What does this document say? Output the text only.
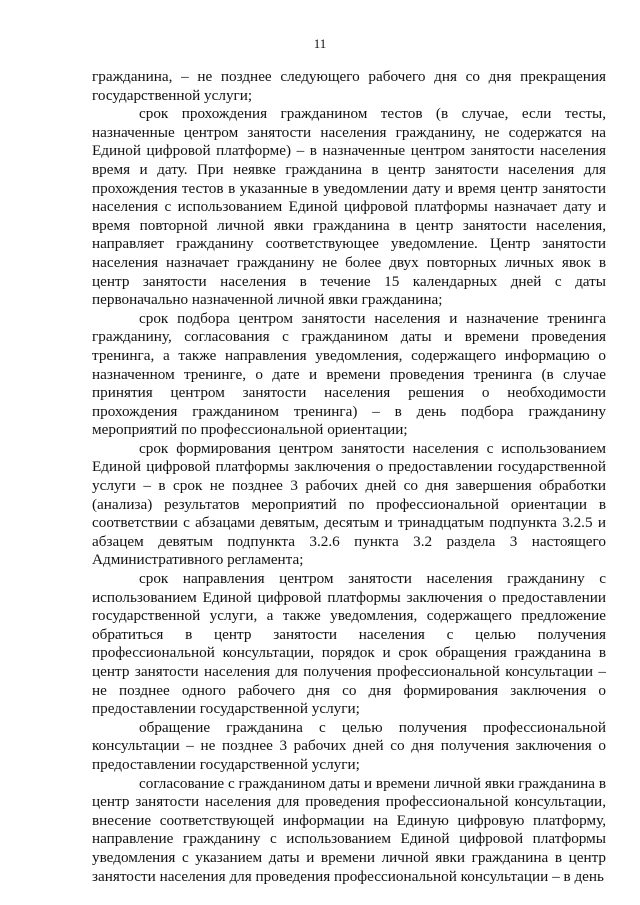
11

гражданина, – не позднее следующего рабочего дня со дня прекращения государственной услуги;

срок прохождения гражданином тестов (в случае, если тесты, назначенные центром занятости населения гражданину, не содержатся на Единой цифровой платформе) – в назначенные центром занятости населения время и дату. При неявке гражданина в центр занятости населения для прохождения тестов в указанные в уведомлении дату и время центр занятости населения с использованием Единой цифровой платформы назначает дату и время повторной личной явки гражданина в центр занятости населения, направляет гражданину соответствующее уведомление. Центр занятости населения назначает гражданину не более двух повторных личных явок в центр занятости населения в течение 15 календарных дней с даты первоначально назначенной личной явки гражданина;

срок подбора центром занятости населения и назначение тренинга гражданину, согласования с гражданином даты и времени проведения тренинга, а также направления уведомления, содержащего информацию о назначенном тренинге, о дате и времени проведения тренинга (в случае принятия центром занятости населения решения о необходимости прохождения гражданином тренинга) – в день подбора гражданину мероприятий по профессиональной ориентации;

срок формирования центром занятости населения с использованием Единой цифровой платформы заключения о предоставлении государственной услуги – в срок не позднее 3 рабочих дней со дня завершения обработки (анализа) результатов мероприятий по профессиональной ориентации в соответствии с абзацами девятым, десятым и тринадцатым подпункта 3.2.5 и абзацем девятым подпункта 3.2.6 пункта 3.2 раздела 3 настоящего Административного регламента;

срок направления центром занятости населения гражданину с использованием Единой цифровой платформы заключения о предоставлении государственной услуги, а также уведомления, содержащего предложение обратиться в центр занятости населения с целью получения профессиональной консультации, порядок и срок обращения гражданина в центр занятости населения для получения профессиональной консультации – не позднее одного рабочего дня со дня формирования заключения о предоставлении государственной услуги;

обращение гражданина с целью получения профессиональной консультации – не позднее 3 рабочих дней со дня получения заключения о предоставлении государственной услуги;

согласование с гражданином даты и времени личной явки гражданина в центр занятости населения для проведения профессиональной консультации, внесение соответствующей информации на Единую цифровую платформу, направление гражданину с использованием Единой цифровой платформы уведомления с указанием даты и времени личной явки гражданина в центр занятости населения для проведения профессиональной консультации – в день
